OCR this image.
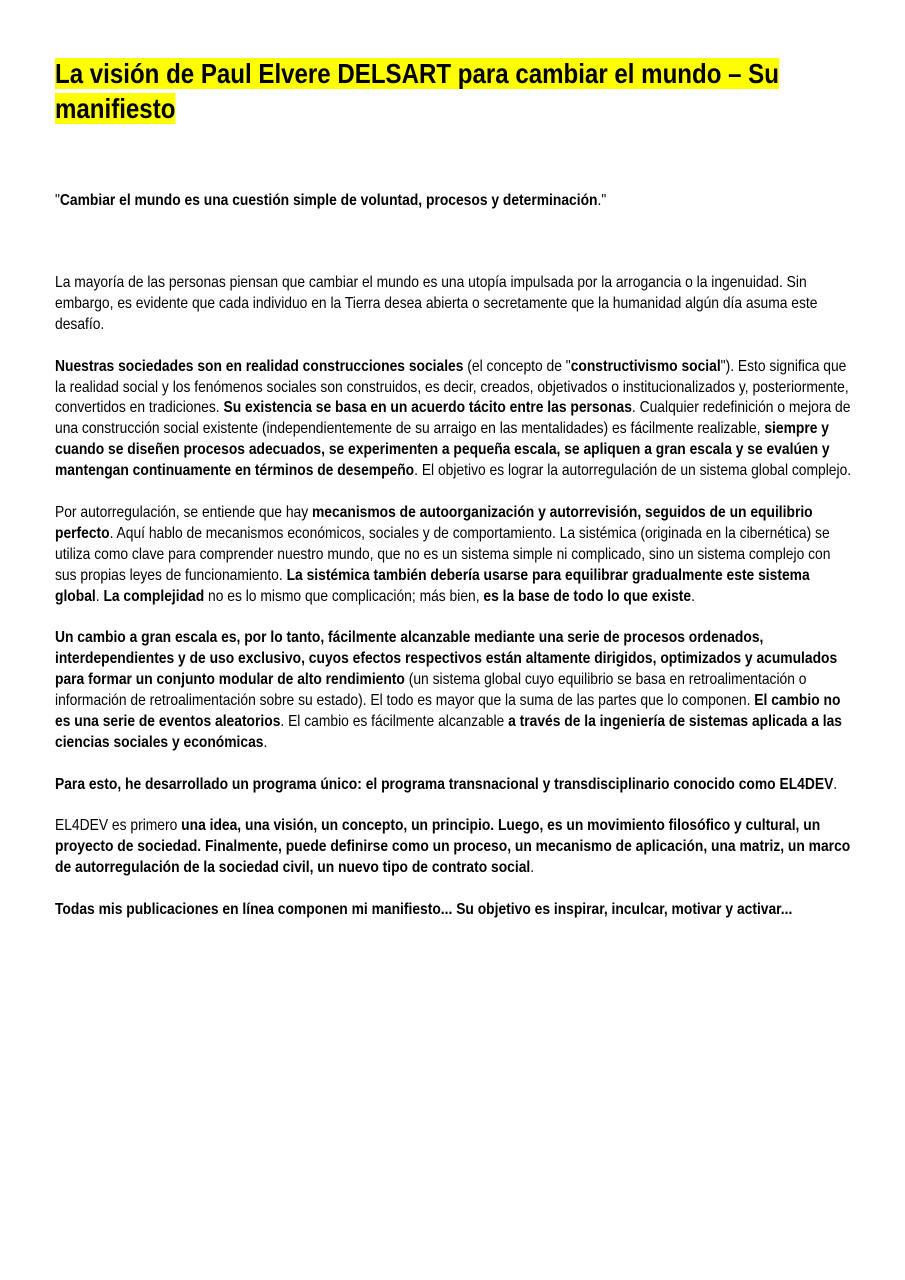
La visión de Paul Elvere DELSART para cambiar el mundo – Su manifiesto

"Cambiar el mundo es una cuestión simple de voluntad, procesos y determinación."

La mayoría de las personas piensan que cambiar el mundo es una utopía impulsada por la arrogancia o la ingenuidad. Sin embargo, es evidente que cada individuo en la Tierra desea abierta o secretamente que la humanidad algún día asuma este desafío.

Nuestras sociedades son en realidad construcciones sociales (el concepto de "constructivismo social"). Esto significa que la realidad social y los fenómenos sociales son construidos, es decir, creados, objetivados o institucionalizados y, posteriormente, convertidos en tradiciones. Su existencia se basa en un acuerdo tácito entre las personas. Cualquier redefinición o mejora de una construcción social existente (independientemente de su arraigo en las mentalidades) es fácilmente realizable, siempre y cuando se diseñen procesos adecuados, se experimenten a pequeña escala, se apliquen a gran escala y se evalúen y mantengan continuamente en términos de desempeño. El objetivo es lograr la autorregulación de un sistema global complejo.

Por autorregulación, se entiende que hay mecanismos de autoorganización y autorrevisión, seguidos de un equilibrio perfecto. Aquí hablo de mecanismos económicos, sociales y de comportamiento. La sistémica (originada en la cibernética) se utiliza como clave para comprender nuestro mundo, que no es un sistema simple ni complicado, sino un sistema complejo con sus propias leyes de funcionamiento. La sistémica también debería usarse para equilibrar gradualmente este sistema global. La complejidad no es lo mismo que complicación; más bien, es la base de todo lo que existe.

Un cambio a gran escala es, por lo tanto, fácilmente alcanzable mediante una serie de procesos ordenados, interdependientes y de uso exclusivo, cuyos efectos respectivos están altamente dirigidos, optimizados y acumulados para formar un conjunto modular de alto rendimiento (un sistema global cuyo equilibrio se basa en retroalimentación o información de retroalimentación sobre su estado). El todo es mayor que la suma de las partes que lo componen. El cambio no es una serie de eventos aleatorios. El cambio es fácilmente alcanzable a través de la ingeniería de sistemas aplicada a las ciencias sociales y económicas.

Para esto, he desarrollado un programa único: el programa transnacional y transdisciplinario conocido como EL4DEV.

EL4DEV es primero una idea, una visión, un concepto, un principio. Luego, es un movimiento filosófico y cultural, un proyecto de sociedad. Finalmente, puede definirse como un proceso, un mecanismo de aplicación, una matriz, un marco de autorregulación de la sociedad civil, un nuevo tipo de contrato social.

Todas mis publicaciones en línea componen mi manifiesto... Su objetivo es inspirar, inculcar, motivar y activar...
